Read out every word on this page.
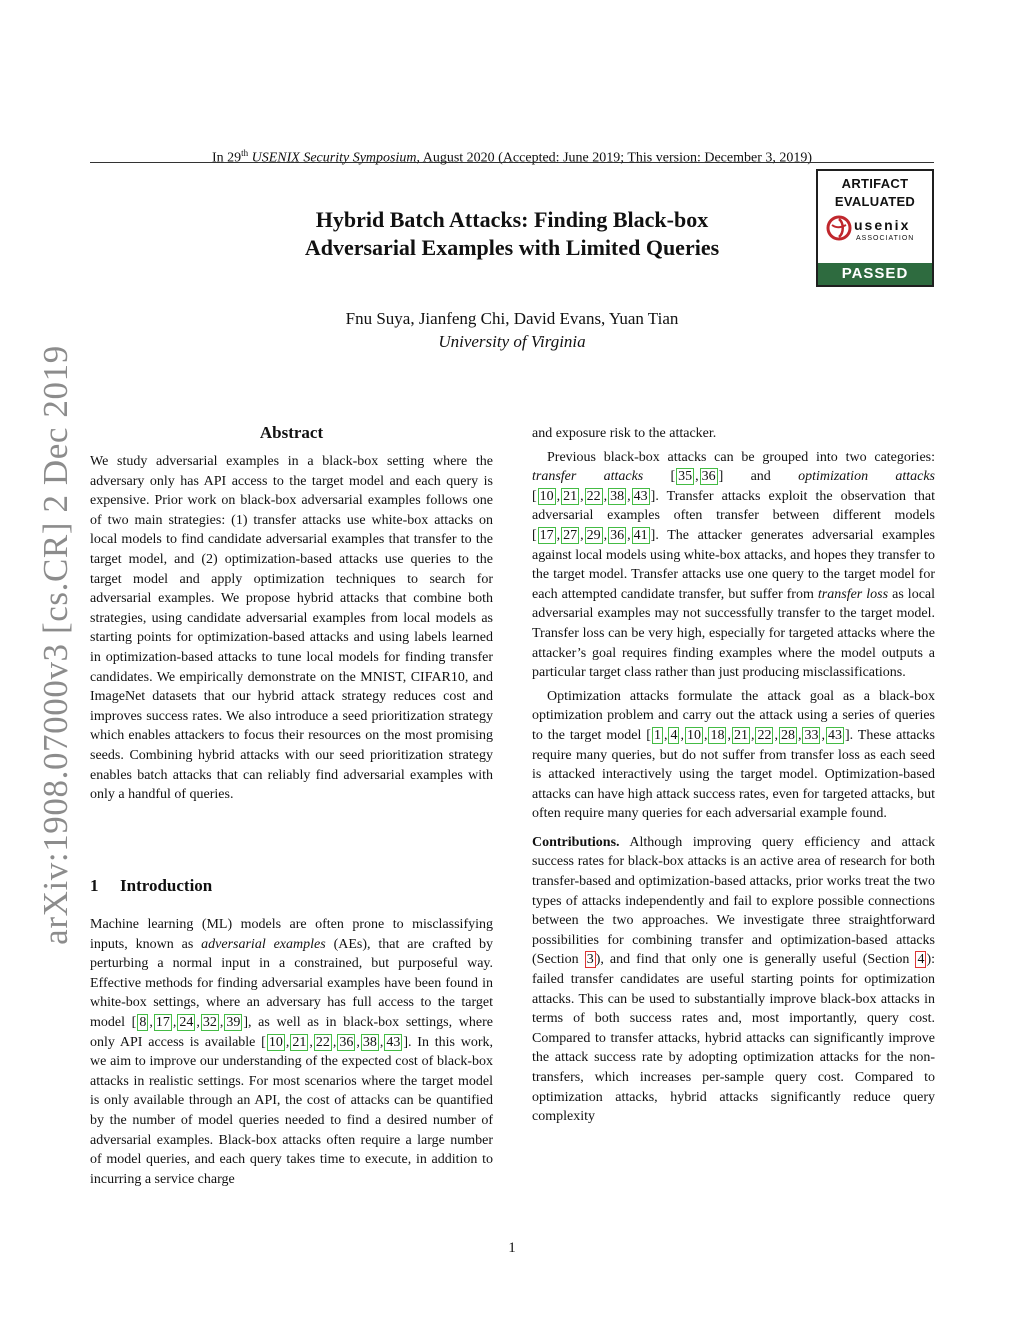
In 29th USENIX Security Symposium, August 2020 (Accepted: June 2019; This version: December 3, 2019)
arXiv:1908.07000v3 [cs.CR] 2 Dec 2019
ARTIFACT
EVALUATED
usenix
ASSOCIATION
PASSED
Hybrid Batch Attacks: Finding Black-box
Adversarial Examples with Limited Queries
Fnu Suya, Jianfeng Chi, David Evans, Yuan Tian
University of Virginia
Abstract

We study adversarial examples in a black-box setting where the adversary only has API access to the target model and each query is expensive. Prior work on black-box adversarial examples follows one of two main strategies: (1) transfer attacks use white-box attacks on local models to find candidate adversarial examples that transfer to the target model, and (2) optimization-based attacks use queries to the target model and apply optimization techniques to search for adversarial examples. We propose hybrid attacks that combine both strategies, using candidate adversarial examples from local models as starting points for optimization-based attacks and using labels learned in optimization-based attacks to tune local models for finding transfer candidates. We empirically demonstrate on the MNIST, CIFAR10, and ImageNet datasets that our hybrid attack strategy reduces cost and improves success rates. We also introduce a seed prioritization strategy which enables attackers to focus their resources on the most promising seeds. Combining hybrid attacks with our seed prioritization strategy enables batch attacks that can reliably find adversarial examples with only a handful of queries.

1 Introduction

Machine learning (ML) models are often prone to misclassifying inputs, known as adversarial examples (AEs), that are crafted by perturbing a normal input in a constrained, but purposeful way. Effective methods for finding adversarial examples have been found in white-box settings, where an adversary has full access to the target model [ 8 , 17 , 24 , 32 , 39 ], as well as in black-box settings, where only API access is available [ 10 , 21 , 22 , 36 , 38 , 43 ]. In this work, we aim to improve our understanding of the expected cost of black-box attacks in realistic settings. For most scenarios where the target model is only available through an API, the cost of attacks can be quantified by the number of model queries needed to find a desired number of adversarial examples. Black-box attacks often require a large number of model queries, and each query takes time to execute, in addition to incurring a service charge

and exposure risk to the attacker.

Previous black-box attacks can be grouped into two categories: transfer attacks [ 35 , 36 ] and optimization attacks [ 10 , 21 , 22 , 38 , 43 ]. Transfer attacks exploit the observation that adversarial examples often transfer between different models [ 17 , 27 , 29 , 36 , 41 ]. The attacker generates adversarial examples against local models using white-box attacks, and hopes they transfer to the target model. Transfer attacks use one query to the target model for each attempted candidate transfer, but suffer from transfer loss as local adversarial examples may not successfully transfer to the target model. Transfer loss can be very high, especially for targeted attacks where the attacker’s goal requires finding examples where the model outputs a particular target class rather than just producing misclassifications.

Optimization attacks formulate the attack goal as a black-box optimization problem and carry out the attack using a series of queries to the target model [ 1 , 4 , 10 , 18 , 21 , 22 , 28 , 33 , 43 ]. These attacks require many queries, but do not suffer from transfer loss as each seed is attacked interactively using the target model. Optimization-based attacks can have high attack success rates, even for targeted attacks, but often require many queries for each adversarial example found.

Contributions. Although improving query efficiency and attack success rates for black-box attacks is an active area of research for both transfer-based and optimization-based attacks, prior works treat the two types of attacks independently and fail to explore possible connections between the two approaches. We investigate three straightforward possibilities for combining transfer and optimization-based attacks (Section 3 ), and find that only one is generally useful (Section 4 ): failed transfer candidates are useful starting points for optimization attacks. This can be used to substantially improve black-box attacks in terms of both success rates and, most importantly, query cost. Compared to transfer attacks, hybrid attacks can significantly improve the attack success rate by adopting optimization attacks for the non-transfers, which increases per-sample query cost. Compared to optimization attacks, hybrid attacks significantly reduce query complexity

1
